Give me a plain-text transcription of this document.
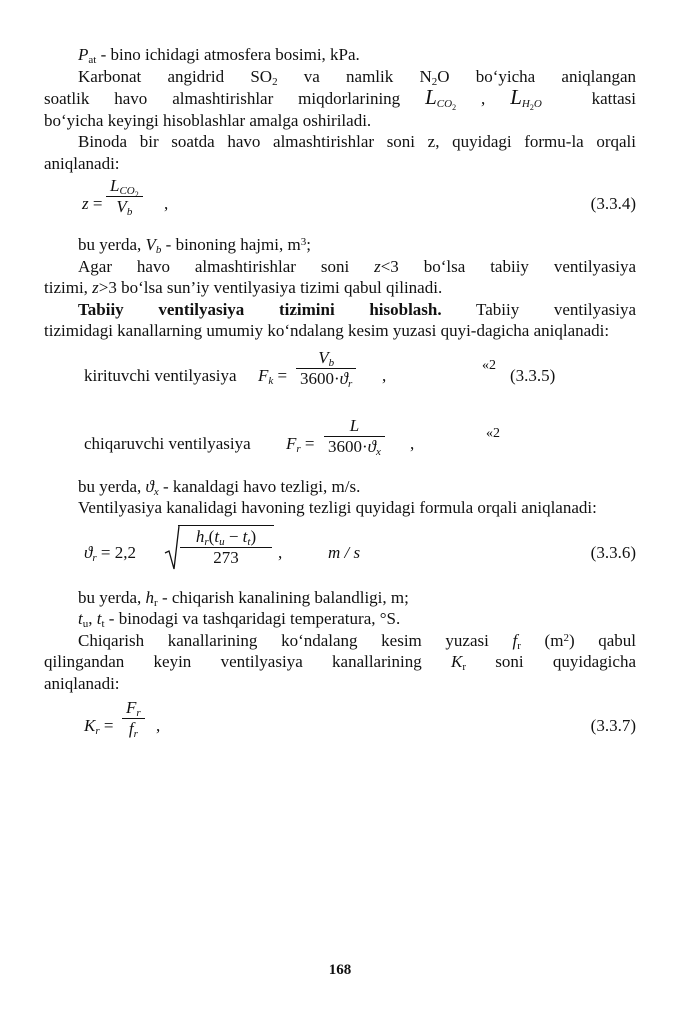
$P_{at}$ - bino ichidagi atmosfera bosimi, kPa.

Karbonat angidrid $SO_2$ va namlik $N_2O$ bo‘yicha aniqlangan

soatlik havo almashtirishlar miqdorlarining $L_{CO_2}$ , $L_{H_2O}$	kattasi

bo‘yicha keyingi hisoblashlar amalga oshiriladi.

Binoda bir soatda havo almashtirishlar soni z, quyidagi formu-la orqali aniqlanadi:

z =
$L_{CO_2}$
$V_b$	,	(3.3.4)

bu yerda, $V_b$ - binoning hajmi, $m^3$;

Agar havo almashtirishlar soni z<3 bo‘lsa tabiiy ventilyasiya

tizimi, z>3 bo‘lsa sun’iy ventilyasiya tizimi qabul qilinadi.

Tabiiy ventilyasiya tizimini hisoblash. Tabiiy ventilyasiya

tizimidagi kanallarning umumiy ko‘ndalang kesim yuzasi quyi-dagicha aniqlanadi:

kirituvchi ventilyasiya $F_k = \frac{V_b}{3600\cdot ϑ_r}$ ,
«2
(3.3.5)
chiqaruvchi ventilyasiya $F_r = \frac{L}{3600\cdot ϑ_x}$ ,
«2

bu yerda, $ϑ_x$ - kanaldagi havo tezligi, m/s.

Ventilyasiya kanalidagi havoning tezligi quyidagi formula orqali aniqlanadi:

$ϑ_r = 2,2$	$\frac{h_r(t_u - t_t)}{273}$ ,	m / s	(3.3.6)

bu yerda, $h_r$ - chiqarish kanalining balandligi, m;

$t_u$, $t_t$ - binodagi va tashqaridagi temperatura, °S.

Chiqarish kanallarining ko‘ndalang kesim yuzasi $f_r$ $(m^2)$ qabul

qilingandan keyin ventilyasiya kanallarining $K_r$ soni quyidagicha

aniqlanadi:

$K_r = \frac{F_r}{f_r}$ ,	(3.3.7)
168
